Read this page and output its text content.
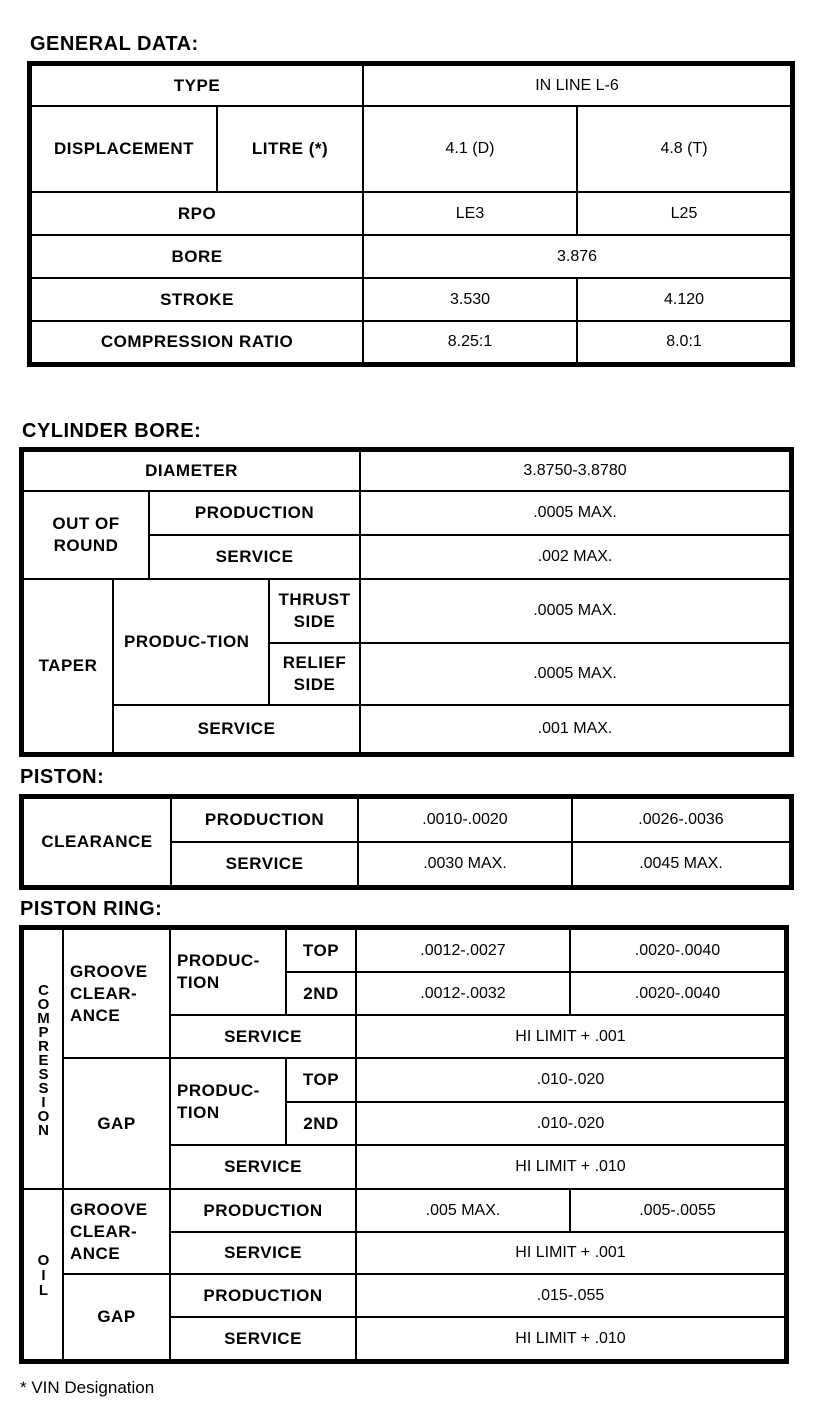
GENERAL DATA:
TYPE		IN LINE L-6	
DISPLACEMENT	LITRE (*)	4.1 (D)	4.8 (T)
RPO		LE3	L25
BORE		3.876	
STROKE		3.530	4.120
COMPRESSION RATIO		8.25:1	8.0:1
CYLINDER BORE:
DIAMETER				3.8750-3.8780
OUT OF ROUND		PRODUCTION		.0005 MAX.
		SERVICE		.002 MAX.
TAPER	PRODUC-TION		THRUST SIDE	.0005 MAX.
			RELIEF SIDE	.0005 MAX.
	SERVICE			.001 MAX.
PISTON:
CLEARANCE	PRODUCTION	.0010-.0020	.0026-.0036
	SERVICE	.0030 MAX.	.0045 MAX.
PISTON RING:
COMPRESSION	GROOVE CLEAR-ANCE	PRODUC-TION	TOP	.0012-.0027	.0020-.0040
			2ND	.0012-.0032	.0020-.0040
		SERVICE		HI LIMIT + .001	
	GAP	PRODUC-TION	TOP	.010-.020	
			2ND	.010-.020	
		SERVICE		HI LIMIT + .010	

OIL	GROOVE CLEAR-ANCE	PRODUCTION		.005 MAX.	.005-.0055
		SERVICE		HI LIMIT + .001	
	GAP	PRODUCTION		.015-.055	
		SERVICE		HI LIMIT + .010	
* VIN Designation
